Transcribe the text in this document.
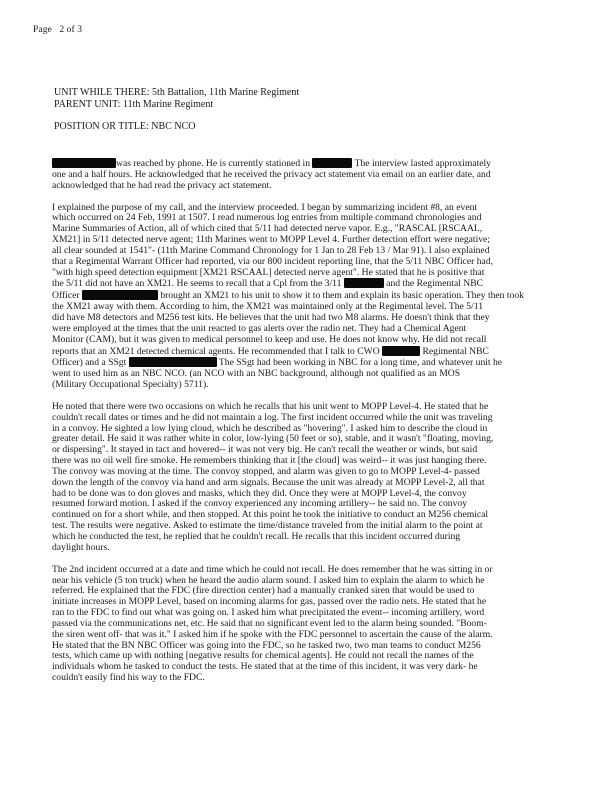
Page 2 of 3
UNIT WHILE THERE: 5th Battalion, 11th Marine Regiment
PARENT UNIT: 11th Marine Regiment
POSITION OR TITLE: NBC NCO
was reached by phone. He is currently stationed in	The interview lasted approximately
one and a half hours. He acknowledged that he received the privacy act statement via email on an earlier date, and
acknowledged that he had read the privacy act statement.
I explained the purpose of my call, and the interview proceeded. I began by summarizing incident #8, an event
which occurred on 24 Feb, 1991 at 1507. I read numerous log entries from multiple command chronologies and
Marine Summaries of Action, all of which cited that 5/11 had detected nerve vapor. E.g., "RASCAL [RSCAAL,
XM21] in 5/11 detected nerve agent; 11th Marines went to MOPP Level 4. Further detection effort were negative;
all clear sounded at 1541"- (11th Marine Command Chronology for 1 Jan to 28 Feb 13 / Mar 91). I also explained
that a Regimental Warrant Officer had reported, via our 800 incident reporting line, that the 5/11 NBC Officer had,
"with high speed detection equipment [XM21 RSCAAL] detected nerve agent". He stated that he is positive that
the 5/11 did not have an XM21. He seems to recall that a Cpl from the 3/11	and the Regimental NBC
Officer	brought an XM21 to his unit to show it to them and explain its basic operation. They then took
the XM21 away with them. According to him, the XM21 was maintained only at the Regimental level. The 5/11
did have M8 detectors and M256 test kits. He believes that the unit had two M8 alarms. He doesn't think that they
were employed at the times that the unit reacted to gas alerts over the radio net. They had a Chemical Agent
Monitor (CAM), but it was given to medical personnel to keep and use. He does not know why. He did not recall
reports that an XM21 detected chemical agents. He recommended that I talk to CWO	Regimental NBC
Officer) and a SSgt	The SSgt had been working in NBC for a long time, and whatever unit he
went to used him as an NBC NCO. (an NCO with an NBC background, although not qualified as an MOS
(Military Occupational Specialty) 5711).
He noted that there were two occasions on which he recalls that his unit went to MOPP Level-4. He stated that he
couldn't recall dates or times and he did not maintain a log. The first incident occurred while the unit was traveling
in a convoy. He sighted a low lying cloud, which he described as "hovering". I asked him to describe the cloud in
greater detail. He said it was rather white in color, low-lying (50 feet or so), stable, and it wasn't "floating, moving,
or dispersing". It stayed in tact and hovered-- it was not very big. He can't recall the weather or winds, but said
there was no oil well fire smoke. He remembers thinking that it [the cloud] was weird-- it was just hanging there.
The convoy was moving at the time. The convoy stopped, and alarm was given to go to MOPP Level-4- passed
down the length of the convoy via hand and arm signals. Because the unit was already at MOPP Level-2, all that
had to be done was to don gloves and masks, which they did. Once they were at MOPP Level-4, the convoy
resumed forward motion. I asked if the convoy experienced any incoming artillery-- he said no. The convoy
continued on for a short while, and then stopped. At this point he took the initiative to conduct an M256 chemical
test. The results were negative. Asked to estimate the time/distance traveled from the initial alarm to the point at
which he conducted the test, he replied that he couldn't recall. He recalls that this incident occurred during
daylight hours.
The 2nd incident occurred at a date and time which he could not recall. He does remember that he was sitting in or
near his vehicle (5 ton truck) when he heard the audio alarm sound. I asked him to explain the alarm to which he
referred. He explained that the FDC (fire direction center) had a manually cranked siren that would be used to
initiate increases in MOPP Level, based on incoming alarms for gas, passed over the radio nets. He stated that he
ran to the FDC to find out what was going on. I asked him what precipitated the event-- incoming artillery, word
passed via the communications net, etc. He said that no significant event led to the alarm being sounded. "Boom-
the siren went off- that was it." I asked him if he spoke with the FDC personnel to ascertain the cause of the alarm.
He stated that the BN NBC Officer was going into the FDC, so he tasked two, two man teams to conduct M256
tests, which came up with nothing [negative results for chemical agents]. He could not recall the names of the
individuals whom he tasked to conduct the tests. He stated that at the time of this incident, it was very dark- he
couldn't easily find his way to the FDC.
